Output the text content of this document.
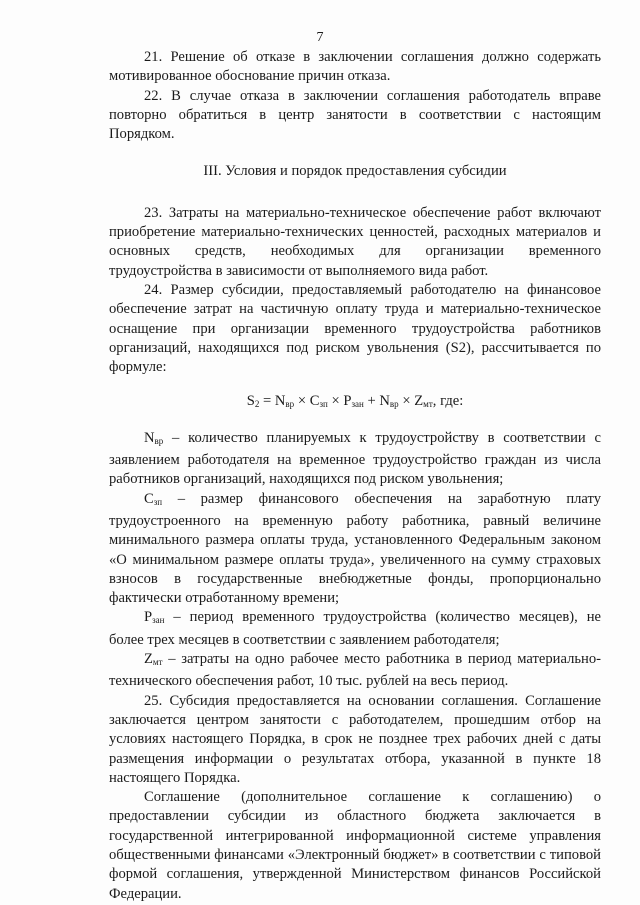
7

21. Решение об отказе в заключении соглашения должно содержать мотивированное обоснование причин отказа.

22. В случае отказа в заключении соглашения работодатель вправе повторно обратиться в центр занятости в соответствии с настоящим Порядком.

III. Условия и порядок предоставления субсидии

23. Затраты на материально-техническое обеспечение работ включают приобретение материально-технических ценностей, расходных материалов и основных средств, необходимых для организации временного трудоустройства в зависимости от выполняемого вида работ.

24. Размер субсидии, предоставляемый работодателю на финансовое обеспечение затрат на частичную оплату труда и материально-техническое оснащение при организации временного трудоустройства работников организаций, находящихся под риском увольнения (S2), рассчитывается по формуле:

$S_2 = N_{вр} \times C_{зп} \times P_{зан} + N_{вр} \times Z_{мт}$, где:

$N_{вр}$ – количество планируемых к трудоустройству в соответствии с заявлением работодателя на временное трудоустройство граждан из числа работников организаций, находящихся под риском увольнения;

$C_{зп}$ – размер финансового обеспечения на заработную плату трудоустроенного на временную работу работника, равный величине минимального размера оплаты труда, установленного Федеральным законом «О минимальном размере оплаты труда», увеличенного на сумму страховых взносов в государственные внебюджетные фонды, пропорционально фактически отработанному времени;

$P_{зан}$ – период временного трудоустройства (количество месяцев), не более трех месяцев в соответствии с заявлением работодателя;

$Z_{мт}$ – затраты на одно рабочее место работника в период материально-технического обеспечения работ, 10 тыс. рублей на весь период.

25. Субсидия предоставляется на основании соглашения. Соглашение заключается центром занятости с работодателем, прошедшим отбор на условиях настоящего Порядка, в срок не позднее трех рабочих дней с даты размещения информации о результатах отбора, указанной в пункте 18 настоящего Порядка.

Соглашение (дополнительное соглашение к соглашению) о предоставлении субсидии из областного бюджета заключается в государственной интегрированной информационной системе управления общественными финансами «Электронный бюджет» в соответствии с типовой формой соглашения, утвержденной Министерством финансов Российской Федерации.
